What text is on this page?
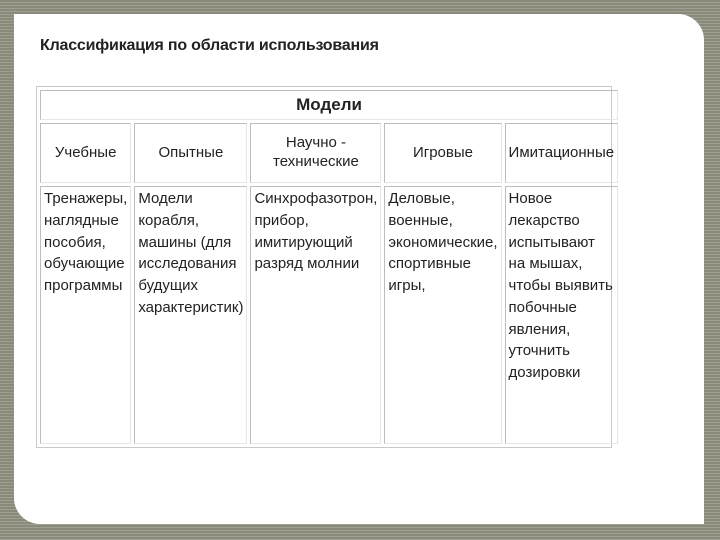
Классификация по области использования
Модели				
Учебные	Опытные	Научно - технические	Игровые	Имитационные
Тренажеры, наглядные пособия, обучающие программы	Модели корабля, машины (для исследования будущих характеристик)	Синхрофазотрон, прибор, имитирующий разряд молнии	Деловые, военные, экономические, спортивные игры,	Новое лекарство испытывают на мышах, чтобы выявить побочные явления, уточнить дозировки
